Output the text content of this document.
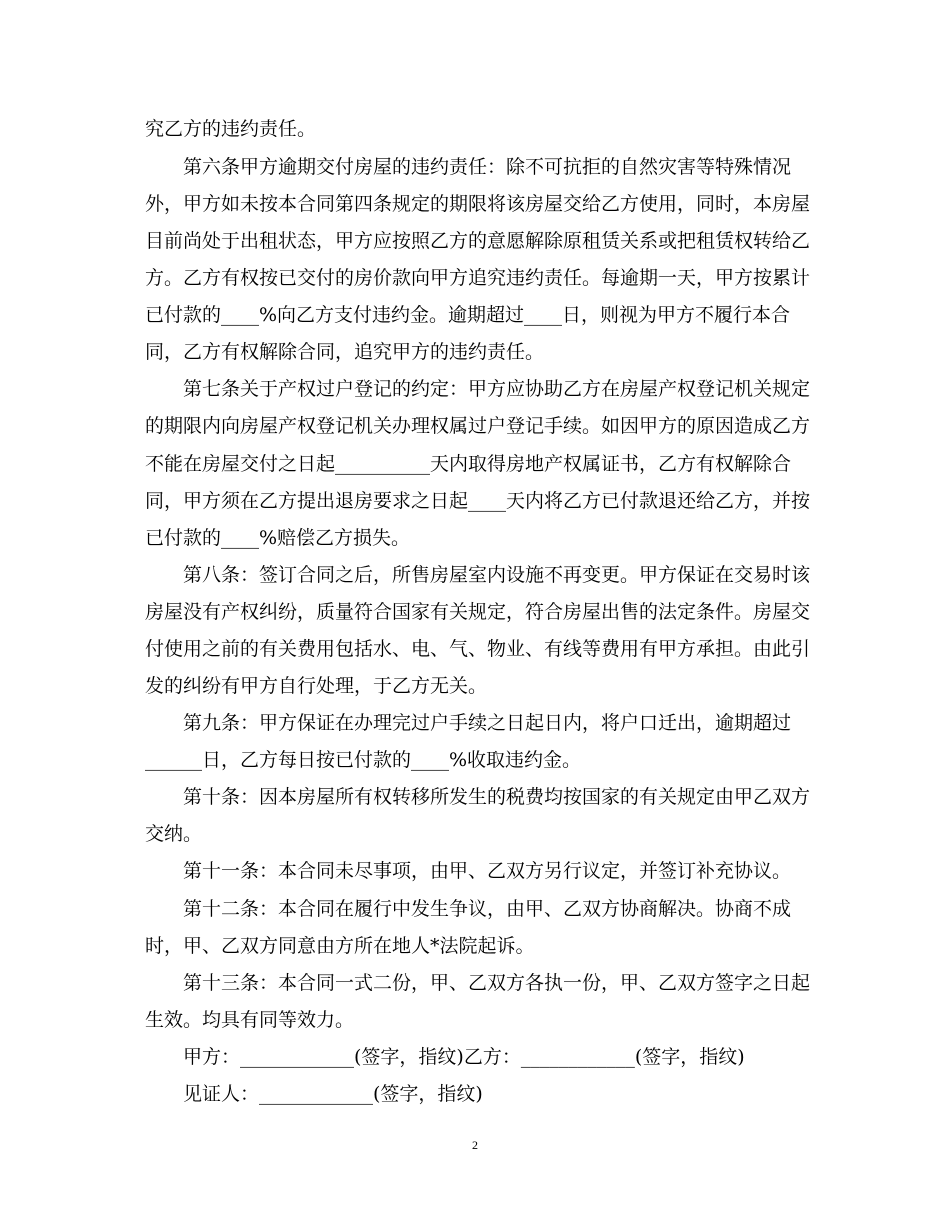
究乙方的违约责任。
第六条甲方逾期交付房屋的违约责任：除不可抗拒的自然灾害等特殊情况
外，甲方如未按本合同第四条规定的期限将该房屋交给乙方使用，同时，本房屋
目前尚处于出租状态，甲方应按照乙方的意愿解除原租赁关系或把租赁权转给乙
方。乙方有权按已交付的房价款向甲方追究违约责任。每逾期一天，甲方按累计
已付款的____%向乙方支付违约金。逾期超过____日，则视为甲方不履行本合
同，乙方有权解除合同，追究甲方的违约责任。
第七条关于产权过户登记的约定：甲方应协助乙方在房屋产权登记机关规定
的期限内向房屋产权登记机关办理权属过户登记手续。如因甲方的原因造成乙方
不能在房屋交付之日起__________天内取得房地产权属证书，乙方有权解除合
同，甲方须在乙方提出退房要求之日起____天内将乙方已付款退还给乙方，并按
已付款的____%赔偿乙方损失。
第八条：签订合同之后，所售房屋室内设施不再变更。甲方保证在交易时该
房屋没有产权纠纷，质量符合国家有关规定，符合房屋出售的法定条件。房屋交
付使用之前的有关费用包括水、电、气、物业、有线等费用有甲方承担。由此引
发的纠纷有甲方自行处理，于乙方无关。
第九条：甲方保证在办理完过户手续之日起日内，将户口迁出，逾期超过
______日，乙方每日按已付款的____%收取违约金。
第十条：因本房屋所有权转移所发生的税费均按国家的有关规定由甲乙双方
交纳。
第十一条：本合同未尽事项，由甲、乙双方另行议定，并签订补充协议。
第十二条：本合同在履行中发生争议，由甲、乙双方协商解决。协商不成
时，甲、乙双方同意由方所在地人*法院起诉。
第十三条：本合同一式二份，甲、乙双方各执一份，甲、乙双方签字之日起
生效。均具有同等效力。
甲方：____________(签字，指纹)乙方：____________(签字，指纹)
见证人：____________(签字，指纹)
2
